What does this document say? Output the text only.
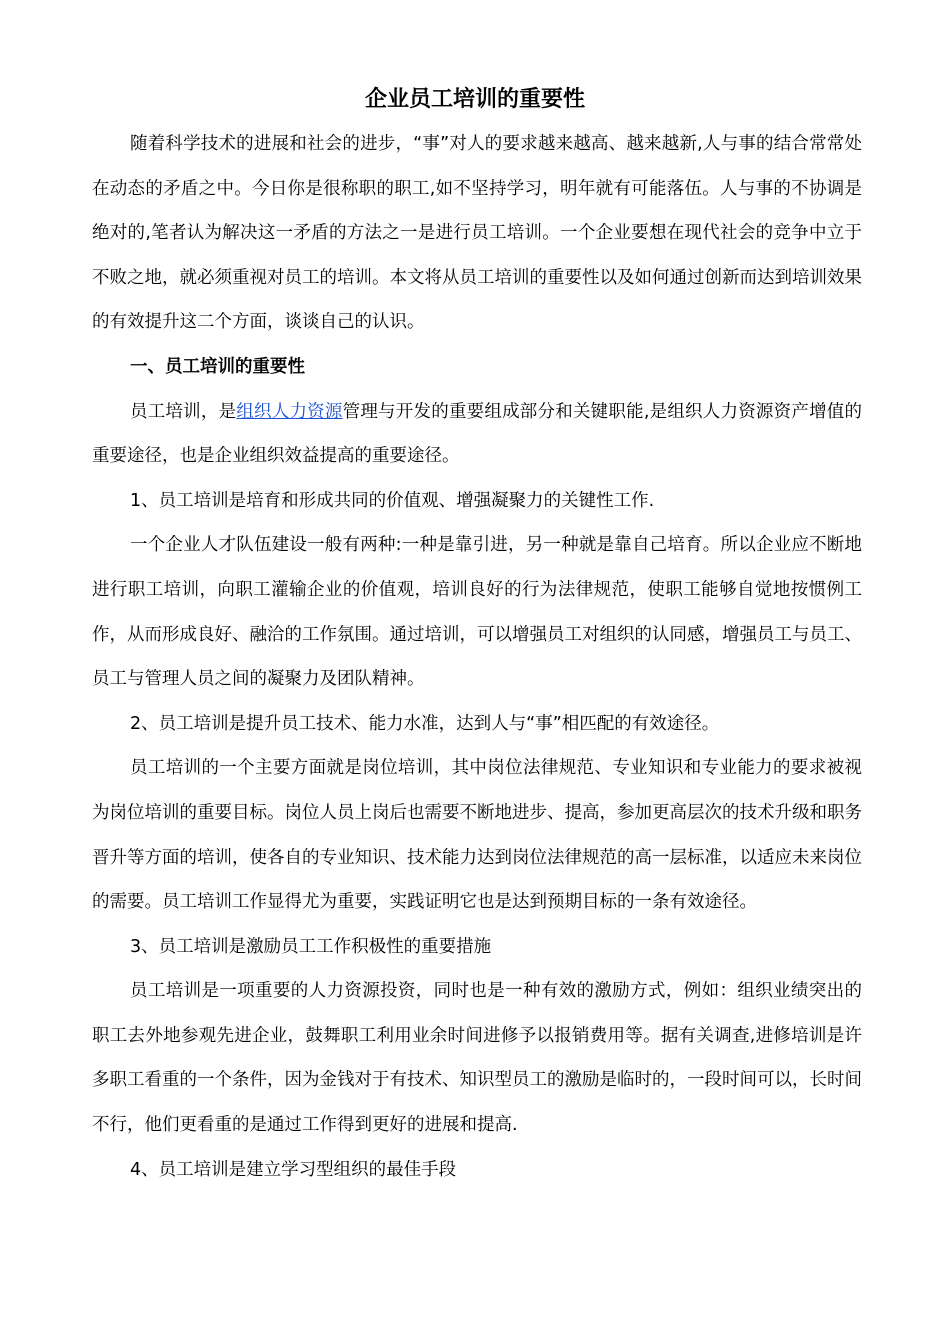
企业员工培训的重要性

随着科学技术的进展和社会的进步，“事”对人的要求越来越高、越来越新,人与事的结合常常处在动态的矛盾之中。今日你是很称职的职工,如不坚持学习，明年就有可能落伍。人与事的不协调是绝对的,笔者认为解决这一矛盾的方法之一是进行员工培训。一个企业要想在现代社会的竞争中立于不败之地，就必须重视对员工的培训。本文将从员工培训的重要性以及如何通过创新而达到培训效果的有效提升这二个方面，谈谈自己的认识。

一、员工培训的重要性

员工培训，是组织人力资源管理与开发的重要组成部分和关键职能,是组织人力资源资产增值的重要途径，也是企业组织效益提高的重要途径。

1、员工培训是培育和形成共同的价值观、增强凝聚力的关键性工作.

一个企业人才队伍建设一般有两种:一种是靠引进，另一种就是靠自己培育。所以企业应不断地进行职工培训，向职工灌输企业的价值观，培训良好的行为法律规范，使职工能够自觉地按惯例工作，从而形成良好、融洽的工作氛围。通过培训，可以增强员工对组织的认同感，增强员工与员工、员工与管理人员之间的凝聚力及团队精神。

2、员工培训是提升员工技术、能力水准，达到人与“事”相匹配的有效途径。

员工培训的一个主要方面就是岗位培训，其中岗位法律规范、专业知识和专业能力的要求被视为岗位培训的重要目标。岗位人员上岗后也需要不断地进步、提高，参加更高层次的技术升级和职务晋升等方面的培训，使各自的专业知识、技术能力达到岗位法律规范的高一层标准，以适应未来岗位的需要。员工培训工作显得尤为重要，实践证明它也是达到预期目标的一条有效途径。

3、员工培训是激励员工工作积极性的重要措施

员工培训是一项重要的人力资源投资，同时也是一种有效的激励方式，例如：组织业绩突出的职工去外地参观先进企业，鼓舞职工利用业余时间进修予以报销费用等。据有关调查,进修培训是许多职工看重的一个条件，因为金钱对于有技术、知识型员工的激励是临时的，一段时间可以，长时间不行，他们更看重的是通过工作得到更好的进展和提高.

4、员工培训是建立学习型组织的最佳手段
